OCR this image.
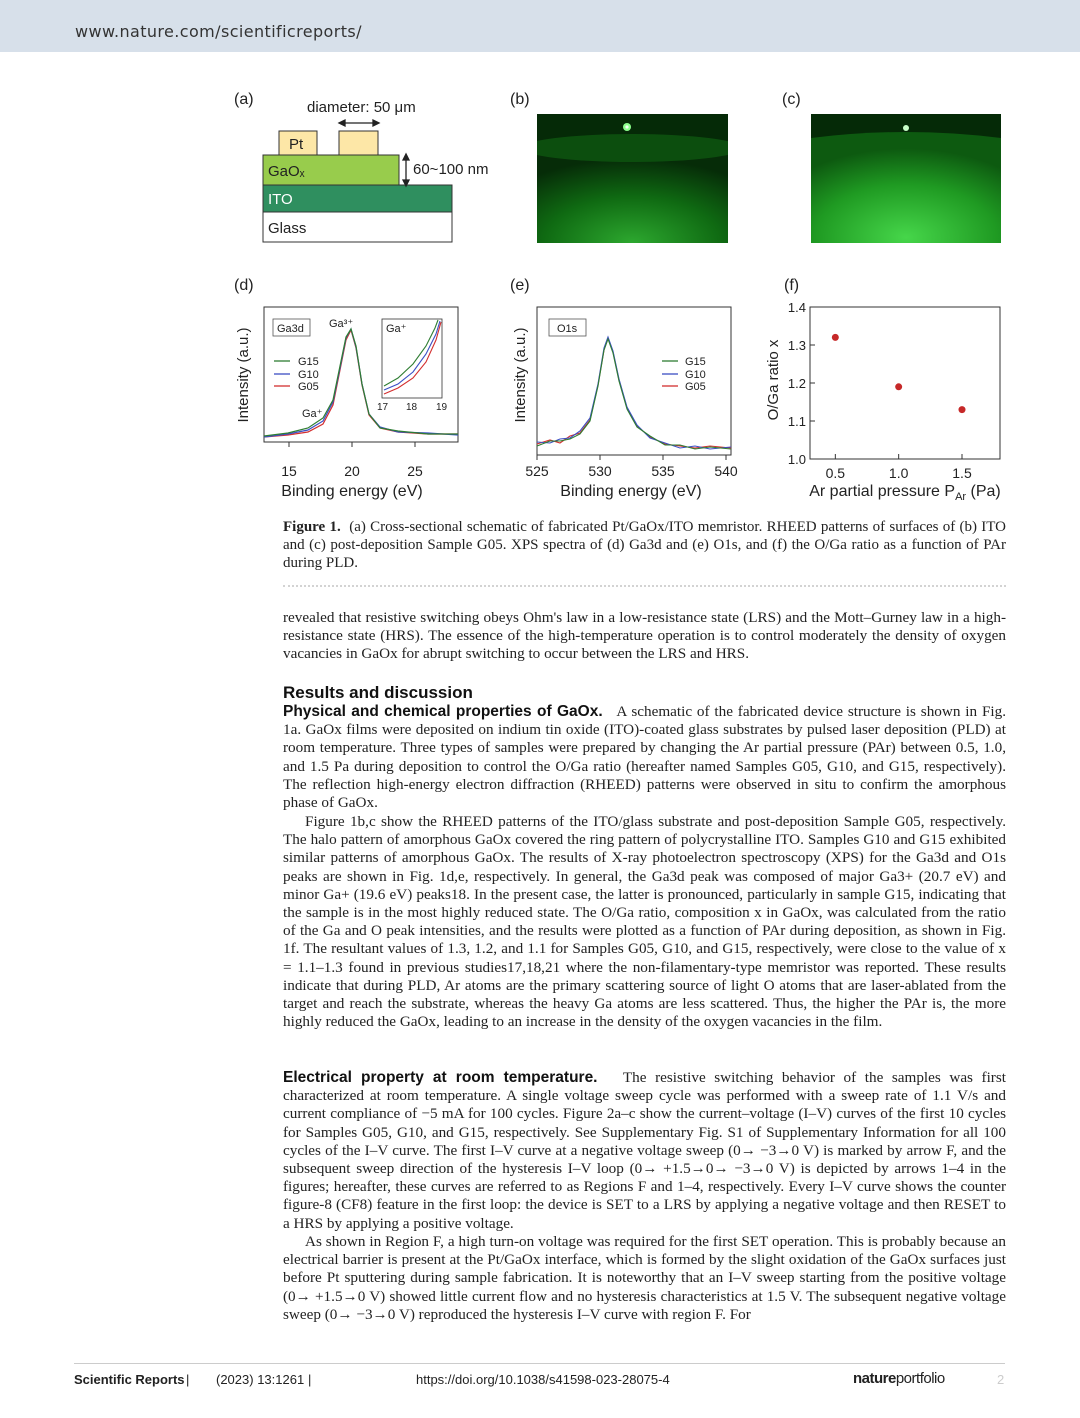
www.nature.com/scientificreports/
(a)	(b)	(c)
(d)	(e)	(f)
diameter: 50 μm
Pt
GaOₓ
ITO
Glass
60~100 nm
Intensity (a.u.) Ga3d Ga³⁺
Ga⁺
G15
G10
G05
Ga⁺
17 18 19
15	20	25
Binding energy (eV)
Intensity (a.u.)	O1s
G15
G10
G05
525	530	535	540
Binding energy (eV)
O/Ga ratio x
1.0
1.1
1.2
1.3
1.4
0.5	1.0	1.5
Ar partial pressure $P_{Ar}$ (Pa)
Figure 1. (a) Cross-sectional schematic of fabricated Pt/GaOx/ITO memristor. RHEED patterns of surfaces of (b) ITO and (c) post-deposition Sample G05. XPS spectra of (d) Ga3d and (e) O1s, and (f) the O/Ga ratio as a function of PAr during PLD.

revealed that resistive switching obeys Ohm's law in a low-resistance state (LRS) and the Mott–Gurney law in a high-resistance state (HRS). The essence of the high-temperature operation is to control moderately the density of oxygen vacancies in GaOx for abrupt switching to occur between the LRS and HRS.

Results and discussion

Physical and chemical properties of GaOx. A schematic of the fabricated device structure is shown in Fig. 1a. GaOx films were deposited on indium tin oxide (ITO)-coated glass substrates by pulsed laser deposition (PLD) at room temperature. Three types of samples were prepared by changing the Ar partial pressure (PAr) between 0.5, 1.0, and 1.5 Pa during deposition to control the O/Ga ratio (hereafter named Samples G05, G10, and G15, respectively). The reflection high-energy electron diffraction (RHEED) patterns were observed in situ to confirm the amorphous phase of GaOx.

Figure 1b,c show the RHEED patterns of the ITO/glass substrate and post-deposition Sample G05, respectively. The halo pattern of amorphous GaOx covered the ring pattern of polycrystalline ITO. Samples G10 and G15 exhibited similar patterns of amorphous GaOx. The results of X-ray photoelectron spectroscopy (XPS) for the Ga3d and O1s peaks are shown in Fig. 1d,e, respectively. In general, the Ga3d peak was composed of major Ga3+ (20.7 eV) and minor Ga+ (19.6 eV) peaks18. In the present case, the latter is pronounced, particularly in sample G15, indicating that the sample is in the most highly reduced state. The O/Ga ratio, composition x in GaOx, was calculated from the ratio of the Ga and O peak intensities, and the results were plotted as a function of PAr during deposition, as shown in Fig. 1f. The resultant values of 1.3, 1.2, and 1.1 for Samples G05, G10, and G15, respectively, were close to the value of x = 1.1–1.3 found in previous studies17,18,21 where the non-filamentary-type memristor was reported. These results indicate that during PLD, Ar atoms are the primary scattering source of light O atoms that are laser-ablated from the target and reach the substrate, whereas the heavy Ga atoms are less scattered. Thus, the higher the PAr is, the more highly reduced the GaOx, leading to an increase in the density of the oxygen vacancies in the film.

Electrical property at room temperature. The resistive switching behavior of the samples was first characterized at room temperature. A single voltage sweep cycle was performed with a sweep rate of 1.1 V/s and current compliance of −5 mA for 100 cycles. Figure 2a–c show the current–voltage (I–V) curves of the first 10 cycles for Samples G05, G10, and G15, respectively. See Supplementary Fig. S1 of Supplementary Information for all 100 cycles of the I–V curve. The first I–V curve at a negative voltage sweep (0→ −3→0 V) is marked by arrow F, and the subsequent sweep direction of the hysteresis I–V loop (0→ +1.5→0→ −3→0 V) is depicted by arrows 1–4 in the figures; hereafter, these curves are referred to as Regions F and 1–4, respectively. Every I–V curve shows the counter figure-8 (CF8) feature in the first loop: the device is SET to a LRS by applying a negative voltage and then RESET to a HRS by applying a positive voltage.

As shown in Region F, a high turn-on voltage was required for the first SET operation. This is probably because an electrical barrier is present at the Pt/GaOx interface, which is formed by the slight oxidation of the GaOx surfaces just before Pt sputtering during sample fabrication. It is noteworthy that an I–V sweep starting from the positive voltage (0→ +1.5→0 V) showed little current flow and no hysteresis characteristics at 1.5 V. The subsequent negative voltage sweep (0→ −3→0 V) reproduced the hysteresis I–V curve with region F. For

Scientific Reports | (2023) 13:1261 |	https://doi.org/10.1038/s41598-023-28075-4	natureportfolio	2
